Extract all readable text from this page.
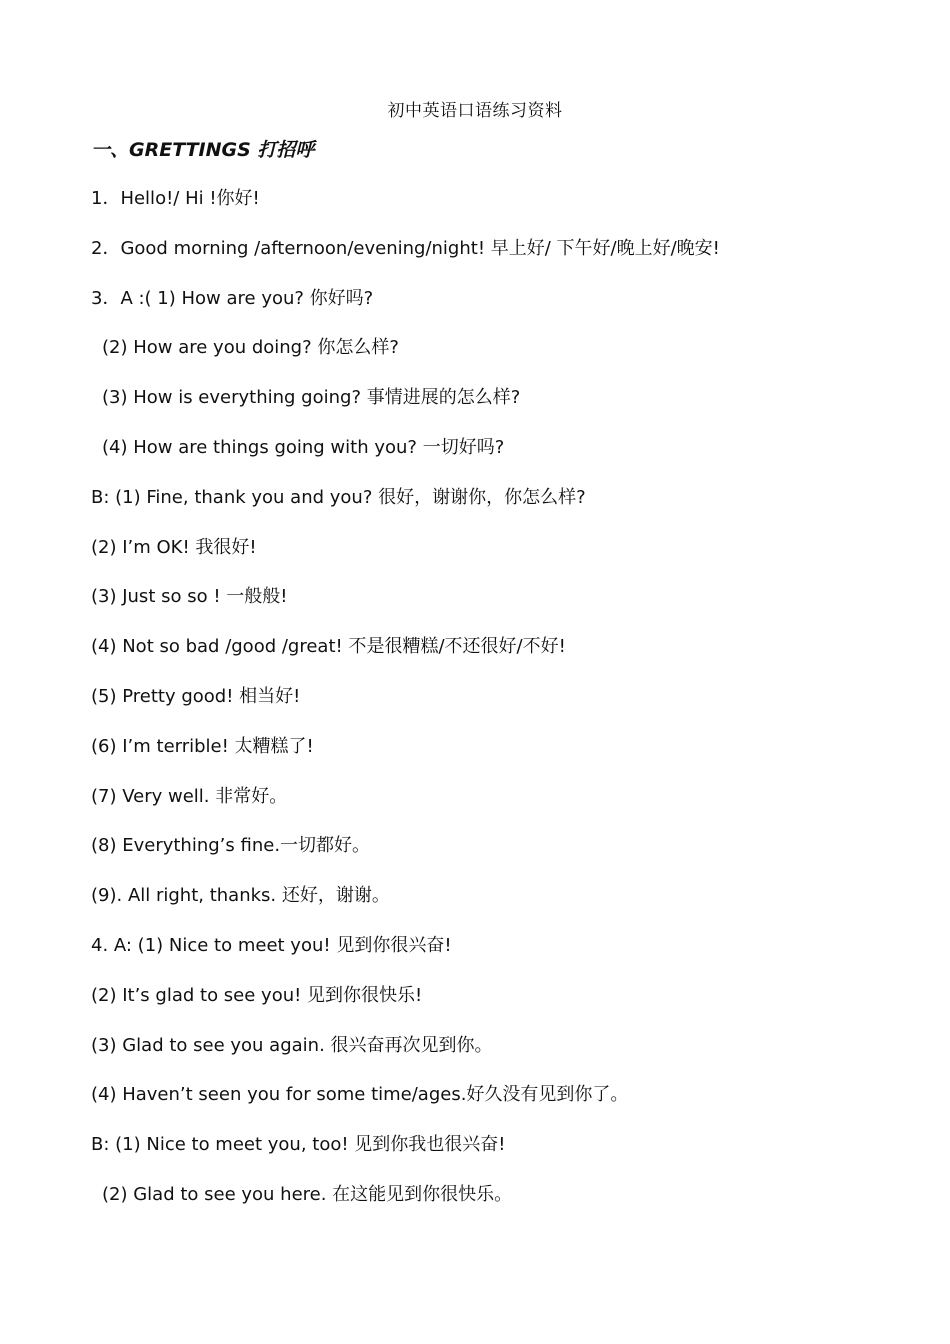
初中英语口语练习资料
一、GRETTINGS 打招呼
1．Hello!/ Hi !你好!
2．Good morning /afternoon/evening/night! 早上好/ 下午好/晚上好/晚安!
3．A :( 1) How are you? 你好吗?
(2) How are you doing? 你怎么样?
(3) How is everything going? 事情进展的怎么样?
(4) How are things going with you? 一切好吗?
B: (1) Fine, thank you and you? 很好，谢谢你，你怎么样?
(2) I’m OK! 我很好!
(3) Just so so ! 一般般!
(4) Not so bad /good /great! 不是很糟糕/不还很好/不好!
(5) Pretty good! 相当好!
(6) I’m terrible! 太糟糕了!
(7) Very well. 非常好。
(8) Everything’s fine.一切都好。
(9). All right, thanks. 还好，谢谢。
4. A: (1) Nice to meet you! 见到你很兴奋!
(2) It’s glad to see you! 见到你很快乐!
(3) Glad to see you again. 很兴奋再次见到你。
(4) Haven’t seen you for some time/ages.好久没有见到你了。
B: (1) Nice to meet you, too! 见到你我也很兴奋!
(2) Glad to see you here. 在这能见到你很快乐。
